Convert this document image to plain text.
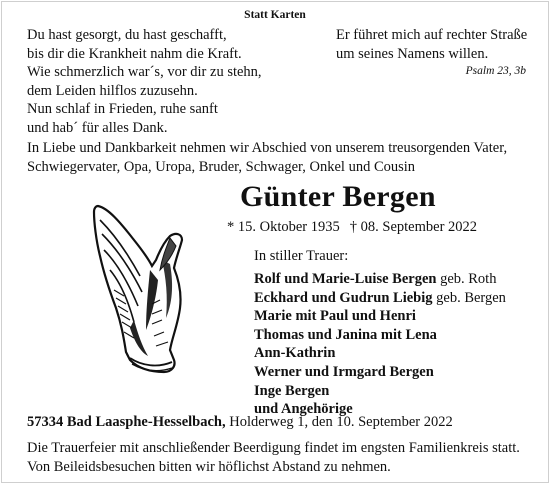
Statt Karten
Du hast gesorgt, du hast geschafft,
bis dir die Krankheit nahm die Kraft.
Wie schmerzlich war´s, vor dir zu stehn,
dem Leiden hilflos zuzusehn.
Nun schlaf in Frieden, ruhe sanft
und hab´ für alles Dank.
Er führet mich auf rechter Straße
um seines Namens willen.
Psalm 23, 3b
In Liebe und Dankbarkeit nehmen wir Abschied von unserem treusorgenden Vater,
Schwiegervater, Opa, Uropa, Bruder, Schwager, Onkel und Cousin
Günter Bergen
* 15. Oktober 1935 † 08. September 2022
In stiller Trauer:
Rolf und Marie-Luise Bergen geb. Roth
Eckhard und Gudrun Liebig geb. Bergen
Marie mit Paul und Henri
Thomas und Janina mit Lena
Ann-Kathrin
Werner und Irmgard Bergen
Inge Bergen
und Angehörige
57334 Bad Laasphe-Hesselbach, Holderweg 1, den 10. September 2022
Die Trauerfeier mit anschließender Beerdigung findet im engsten Familienkreis statt.
Von Beileidsbesuchen bitten wir höflichst Abstand zu nehmen.
